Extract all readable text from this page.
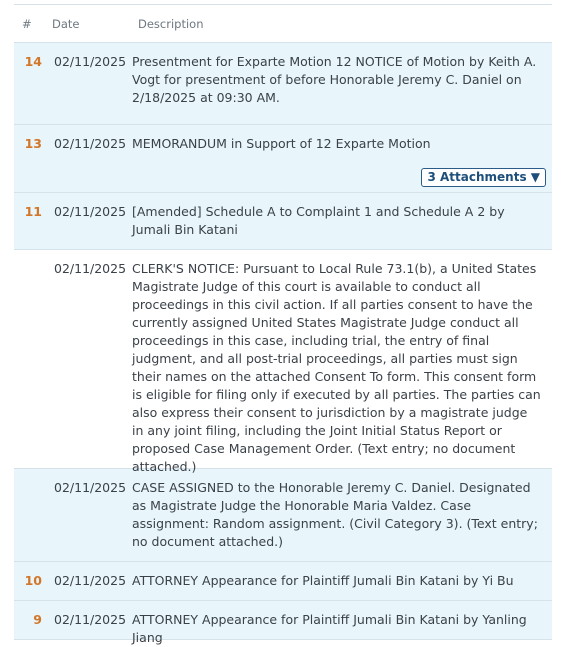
#	Date	Description
14 02/11/2025 Presentment for Exparte Motion 12 NOTICE of Motion by Keith A. Vogt for presentment of before Honorable Jeremy C. Daniel on 2/18/2025 at 09:30 AM.
13 02/11/2025 MEMORANDUM in Support of 12 Exparte Motion
3 Attachments ▼
11 02/11/2025 [Amended] Schedule A to Complaint 1 and Schedule A 2 by Jumali Bin Katani
02/11/2025 CLERK'S NOTICE: Pursuant to Local Rule 73.1(b), a United States Magistrate Judge of this court is available to conduct all proceedings in this civil action. If all parties consent to have the currently assigned United States Magistrate Judge conduct all proceedings in this case, including trial, the entry of final judgment, and all post-trial proceedings, all parties must sign their names on the attached Consent To form. This consent form is eligible for filing only if executed by all parties. The parties can also express their consent to jurisdiction by a magistrate judge in any joint filing, including the Joint Initial Status Report or proposed Case Management Order. (Text entry; no document attached.)
02/11/2025 CASE ASSIGNED to the Honorable Jeremy C. Daniel. Designated as Magistrate Judge the Honorable Maria Valdez. Case assignment: Random assignment. (Civil Category 3). (Text entry; no document attached.)
10 02/11/2025 ATTORNEY Appearance for Plaintiff Jumali Bin Katani by Yi Bu
9 02/11/2025 ATTORNEY Appearance for Plaintiff Jumali Bin Katani by Yanling Jiang
